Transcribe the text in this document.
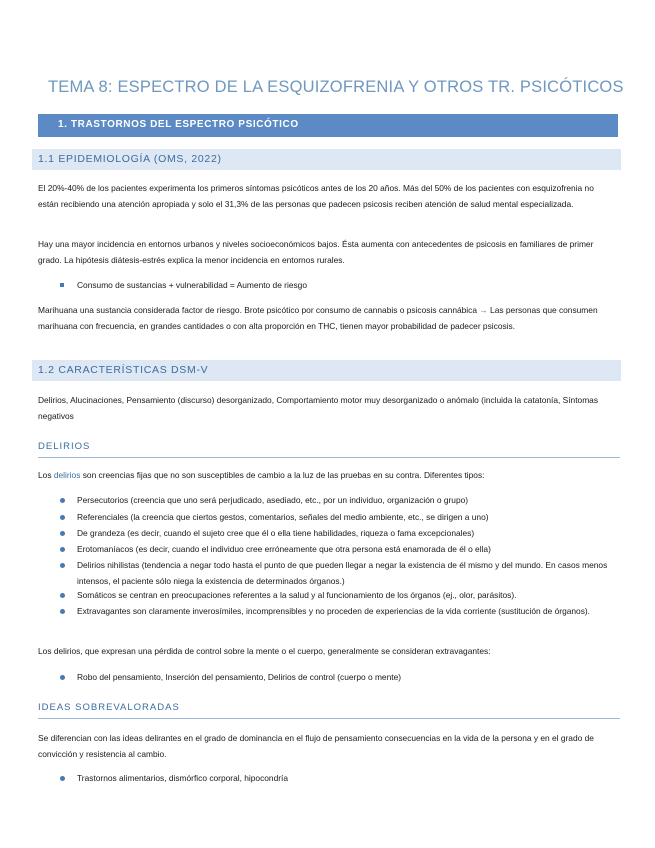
TEMA 8: ESPECTRO DE LA ESQUIZOFRENIA Y OTROS TR. PSICÓTICOS
1. TRASTORNOS DEL ESPECTRO PSICÓTICO
1.1 EPIDEMIOLOGÍA (OMS, 2022)
El 20%-40% de los pacientes experimenta los primeros síntomas psicóticos antes de los 20 años. Más del 50% de los pacientes con esquizofrenia no están recibiendo una atención apropiada y solo el 31,3% de las personas que padecen psicosis reciben atención de salud mental especializada.
Hay una mayor incidencia en entornos urbanos y niveles socioeconómicos bajos. Ésta aumenta con antecedentes de psicosis en familiares de primer grado. La hipótesis diátesis-estrés explica la menor incidencia en entornos rurales.
Consumo de sustancias + vulnerabilidad = Aumento de riesgo
Marihuana una sustancia considerada factor de riesgo. Brote psicótico por consumo de cannabis o psicosis cannábica → Las personas que consumen marihuana con frecuencia, en grandes cantidades o con alta proporción en THC, tienen mayor probabilidad de padecer psicosis.
1.2 CARACTERÍSTICAS DSM-V
Delirios, Alucinaciones, Pensamiento (discurso) desorganizado, Comportamiento motor muy desorganizado o anómalo (incluida la catatonía, Síntomas negativos
DELIRIOS
Los delirios son creencias fijas que no son susceptibles de cambio a la luz de las pruebas en su contra. Diferentes tipos:
Persecutorios (creencia que uno será perjudicado, asediado, etc., por un individuo, organización o grupo)
Referenciales (la creencia que ciertos gestos, comentarios, señales del medio ambiente, etc., se dirigen a uno)
De grandeza (es decir, cuando el sujeto cree que él o ella tiene habilidades, riqueza o fama excepcionales)
Erotomaníacos (es decir, cuando el individuo cree erróneamente que otra persona está enamorada de él o ella)
Delirios nihilistas (tendencia a negar todo hasta el punto de que pueden llegar a negar la existencia de él mismo y del mundo. En casos menos intensos, el paciente sólo niega la existencia de determinados órganos.)
Somáticos se centran en preocupaciones referentes a la salud y al funcionamiento de los órganos (ej., olor, parásitos).
Extravagantes son claramente inverosímiles, incomprensibles y no proceden de experiencias de la vida corriente (sustitución de órganos).
Los delirios, que expresan una pérdida de control sobre la mente o el cuerpo, generalmente se consideran extravagantes:
Robo del pensamiento, Inserción del pensamiento, Delirios de control (cuerpo o mente)
IDEAS SOBREVALORADAS
Se diferencian con las ideas delirantes en el grado de dominancia en el flujo de pensamiento consecuencias en la vida de la persona y en el grado de convicción y resistencia al cambio.
Trastornos alimentarios, dismórfico corporal, hipocondría
